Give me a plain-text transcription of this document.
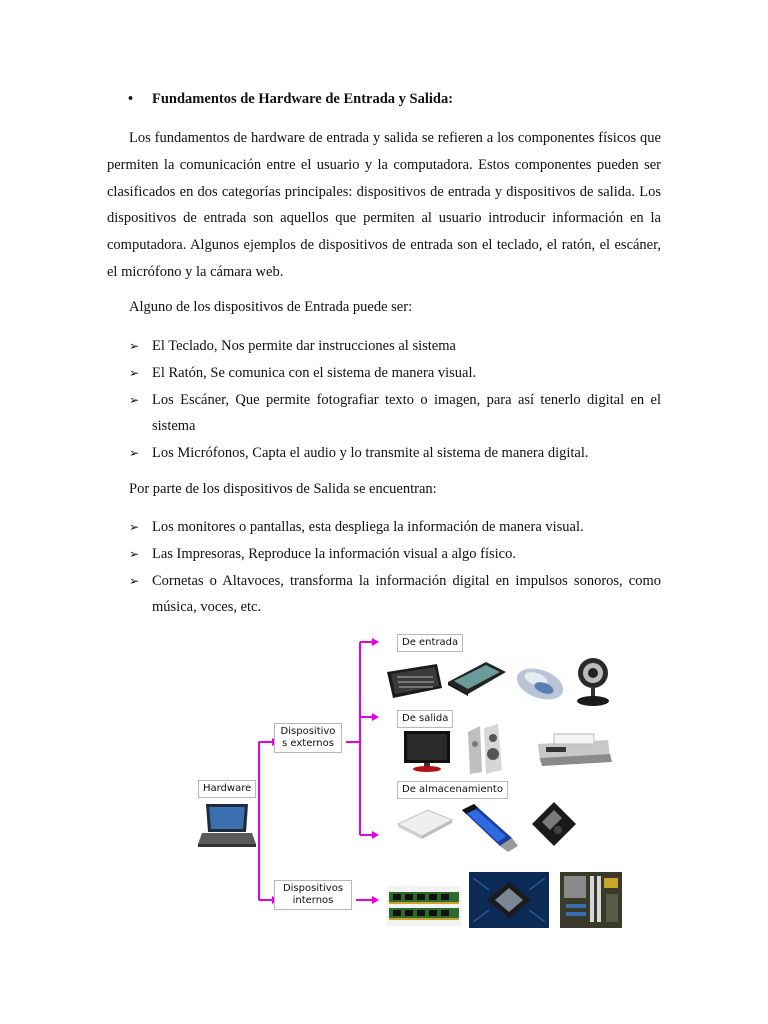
• Fundamentos de Hardware de Entrada y Salida:
Los fundamentos de hardware de entrada y salida se refieren a los componentes físicos que permiten la comunicación entre el usuario y la computadora. Estos componentes pueden ser clasificados en dos categorías principales: dispositivos de entrada y dispositivos de salida. Los dispositivos de entrada son aquellos que permiten al usuario introducir información en la computadora. Algunos ejemplos de dispositivos de entrada son el teclado, el ratón, el escáner, el micrófono y la cámara web.
Alguno de los dispositivos de Entrada puede ser:
➢ El Teclado, Nos permite dar instrucciones al sistema
➢ El Ratón, Se comunica con el sistema de manera visual.
➢ Los Escáner, Que permite fotografiar texto o imagen, para así tenerlo digital en el sistema
➢ Los Micrófonos, Capta el audio y lo transmite al sistema de manera digital.
Por parte de los dispositivos de Salida se encuentran:
➢ Los monitores o pantallas, esta despliega la información de manera visual.
➢ Las Impresoras, Reproduce la información visual a algo físico.
➢ Cornetas o Altavoces, transforma la información digital en impulsos sonoros, como música, voces, etc.
Hardware
Dispositivo s externos
Dispositivos internos
De entrada
De salida
De almacenamiento
